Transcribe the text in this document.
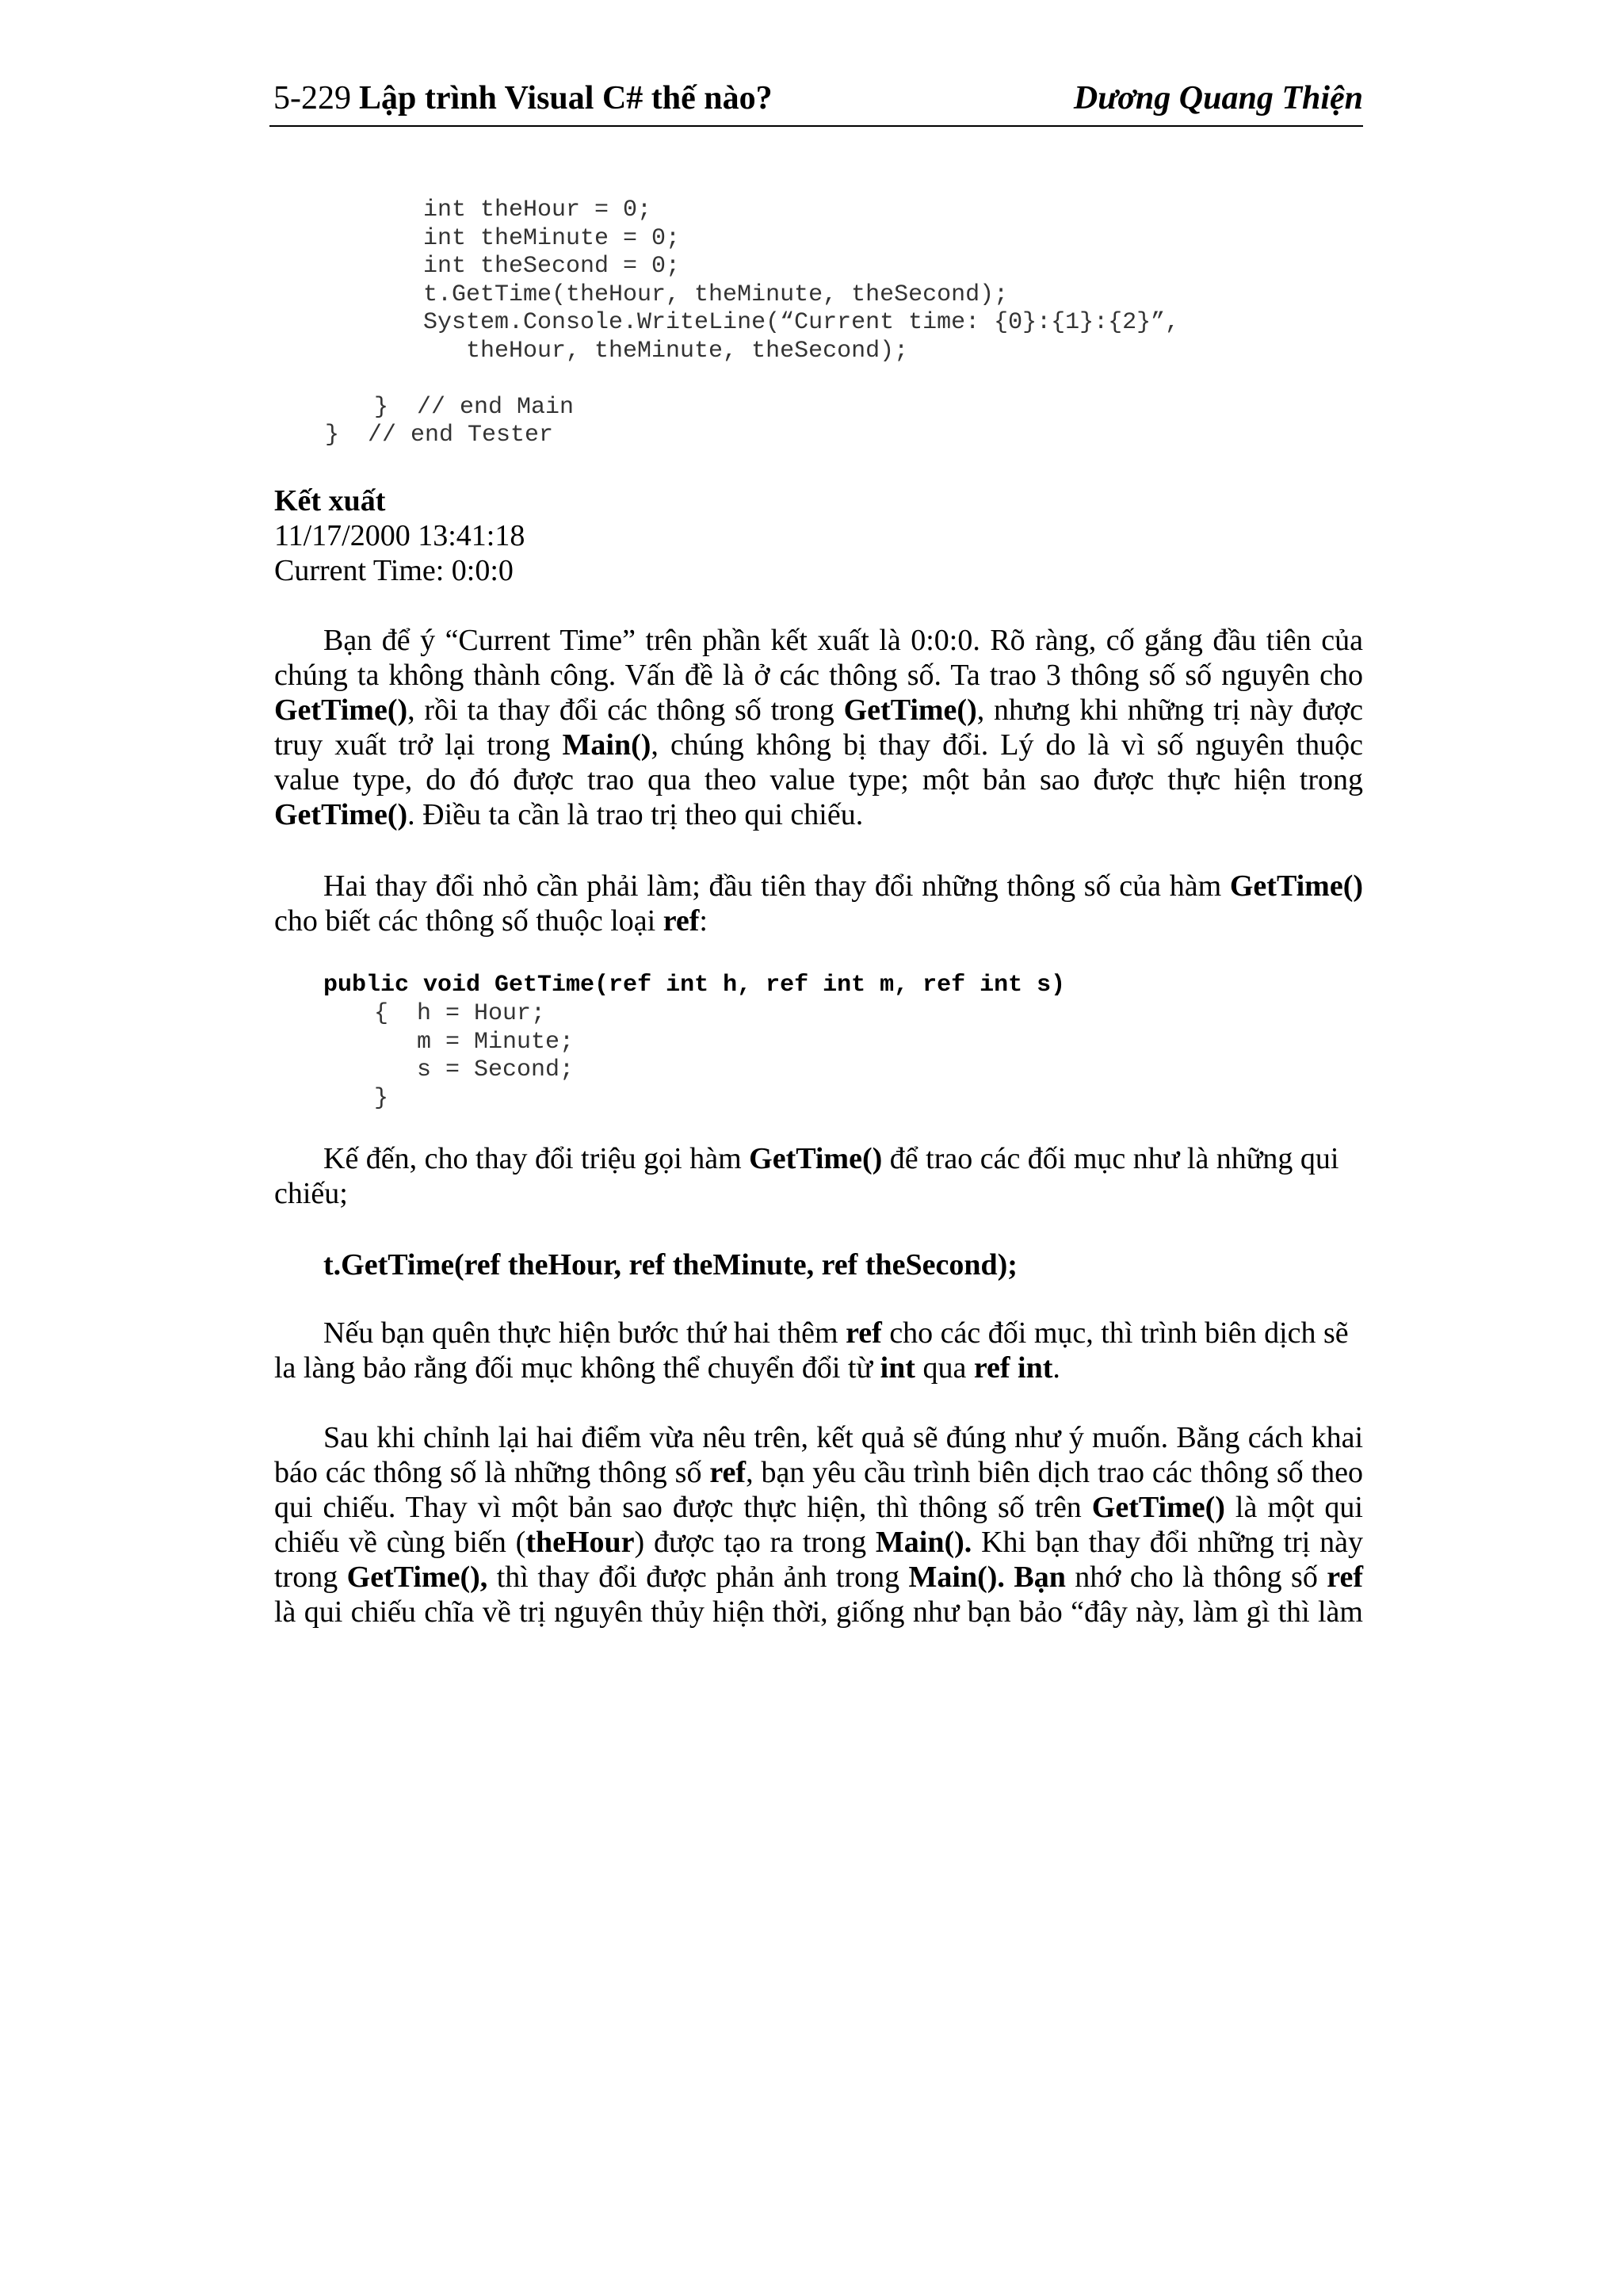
5-229 Lập trình Visual C# thế nào?	Dương Quang Thiện
int theHour = 0;
int theMinute = 0;
int theSecond = 0;
t.GetTime(theHour, theMinute, theSecond);
System.Console.WriteLine(“Current time: {0}:{1}:{2}”,
theHour, theMinute, theSecond);
}  // end Main
}  // end Tester
Kết xuất
11/17/2000 13:41:18
Current Time: 0:0:0
Bạn để ý “Current Time” trên phần kết xuất là 0:0:0. Rõ ràng, cố gắng đầu tiên của
chúng ta không thành công. Vấn đề là ở các thông số. Ta trao 3 thông số số nguyên cho
GetTime(), rồi ta thay đổi các thông số trong GetTime(), nhưng khi những trị này được
truy xuất trở lại trong Main(), chúng không bị thay đổi. Lý do là vì số nguyên thuộc
value type, do đó được trao qua theo value type; một bản sao được thực hiện trong
GetTime(). Điều ta cần là trao trị theo qui chiếu.
Hai thay đổi nhỏ cần phải làm; đầu tiên thay đổi những thông số của hàm GetTime()
cho biết các thông số thuộc loại ref:
public void GetTime(ref int h, ref int m, ref int s)
{  h = Hour;
m = Minute;
s = Second;
}
Kế đến, cho thay đổi triệu gọi hàm GetTime() để trao các đối mục như là những qui
chiếu;
t.GetTime(ref theHour, ref theMinute, ref theSecond);
Nếu bạn quên thực hiện bước thứ hai thêm ref cho các đối mục, thì trình biên dịch sẽ
la làng bảo rằng đối mục không thể chuyển đổi từ int qua ref int.
Sau khi chỉnh lại hai điểm vừa nêu trên, kết quả sẽ đúng như ý muốn. Bằng cách khai
báo các thông số là những thông số ref, bạn yêu cầu trình biên dịch trao các thông số theo
qui chiếu. Thay vì một bản sao được thực hiện, thì thông số trên GetTime() là một qui
chiếu về cùng biến (theHour) được tạo ra trong Main(). Khi bạn thay đổi những trị này
trong GetTime(), thì thay đổi được phản ảnh trong Main(). Bạn nhớ cho là thông số ref
là qui chiếu chĩa về trị nguyên thủy hiện thời, giống như bạn bảo “đây này, làm gì thì làm
